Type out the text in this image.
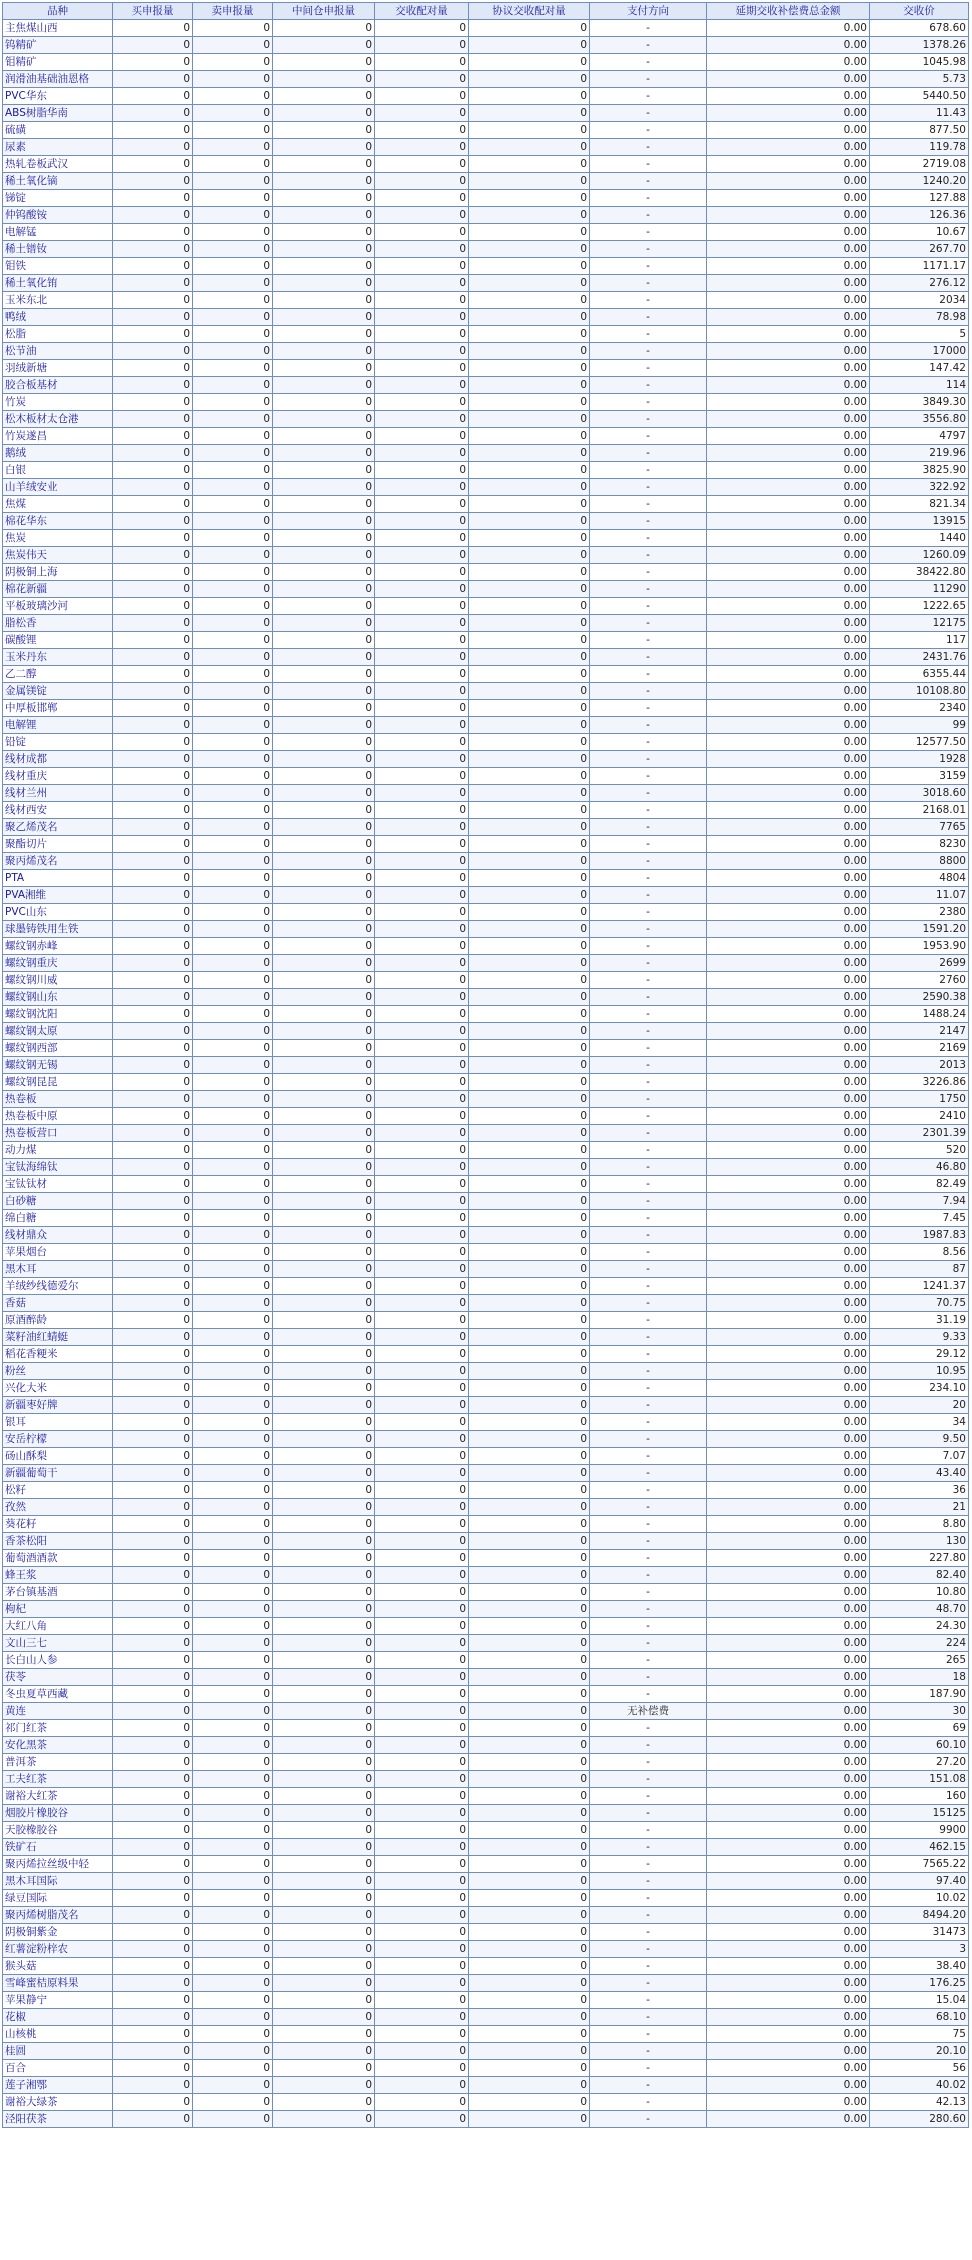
品种	买申报量	卖申报量	中间仓申报量	交收配对量	协议交收配对量	支付方向	延期交收补偿费总金额	交收价
主焦煤山西	0	0	0	0	0	-	0.00	678.60
钨精矿	0	0	0	0	0	-	0.00	1378.26
钼精矿	0	0	0	0	0	-	0.00	1045.98
润滑油基础油恩格	0	0	0	0	0	-	0.00	5.73
PVC华东	0	0	0	0	0	-	0.00	5440.50
ABS树脂华南	0	0	0	0	0	-	0.00	11.43
硫磺	0	0	0	0	0	-	0.00	877.50
尿素	0	0	0	0	0	-	0.00	119.78
热轧卷板武汉	0	0	0	0	0	-	0.00	2719.08
稀土氧化镝	0	0	0	0	0	-	0.00	1240.20
锑锭	0	0	0	0	0	-	0.00	127.88
仲钨酸铵	0	0	0	0	0	-	0.00	126.36
电解锰	0	0	0	0	0	-	0.00	10.67
稀土镨钕	0	0	0	0	0	-	0.00	267.70
钼铁	0	0	0	0	0	-	0.00	1171.17
稀土氧化铕	0	0	0	0	0	-	0.00	276.12
玉米东北	0	0	0	0	0	-	0.00	2034
鸭绒	0	0	0	0	0	-	0.00	78.98
松脂	0	0	0	0	0	-	0.00	5
松节油	0	0	0	0	0	-	0.00	17000
羽绒新塘	0	0	0	0	0	-	0.00	147.42
胶合板基材	0	0	0	0	0	-	0.00	114
竹炭	0	0	0	0	0	-	0.00	3849.30
松木板材太仓港	0	0	0	0	0	-	0.00	3556.80
竹炭遂昌	0	0	0	0	0	-	0.00	4797
鹅绒	0	0	0	0	0	-	0.00	219.96
白银	0	0	0	0	0	-	0.00	3825.90
山羊绒安业	0	0	0	0	0	-	0.00	322.92
焦煤	0	0	0	0	0	-	0.00	821.34
棉花华东	0	0	0	0	0	-	0.00	13915
焦炭	0	0	0	0	0	-	0.00	1440
焦炭伟天	0	0	0	0	0	-	0.00	1260.09
阴极铜上海	0	0	0	0	0	-	0.00	38422.80
棉花新疆	0	0	0	0	0	-	0.00	11290
平板玻璃沙河	0	0	0	0	0	-	0.00	1222.65
脂松香	0	0	0	0	0	-	0.00	12175
碳酸锂	0	0	0	0	0	-	0.00	117
玉米丹东	0	0	0	0	0	-	0.00	2431.76
乙二醇	0	0	0	0	0	-	0.00	6355.44
金属镁锭	0	0	0	0	0	-	0.00	10108.80
中厚板邯郸	0	0	0	0	0	-	0.00	2340
电解锂	0	0	0	0	0	-	0.00	99
铅锭	0	0	0	0	0	-	0.00	12577.50
线材成都	0	0	0	0	0	-	0.00	1928
线材重庆	0	0	0	0	0	-	0.00	3159
线材兰州	0	0	0	0	0	-	0.00	3018.60
线材西安	0	0	0	0	0	-	0.00	2168.01
聚乙烯茂名	0	0	0	0	0	-	0.00	7765
聚酯切片	0	0	0	0	0	-	0.00	8230
聚丙烯茂名	0	0	0	0	0	-	0.00	8800
PTA	0	0	0	0	0	-	0.00	4804
PVA湘维	0	0	0	0	0	-	0.00	11.07
PVC山东	0	0	0	0	0	-	0.00	2380
球墨铸铁用生铁	0	0	0	0	0	-	0.00	1591.20
螺纹钢赤峰	0	0	0	0	0	-	0.00	1953.90
螺纹钢重庆	0	0	0	0	0	-	0.00	2699
螺纹钢川威	0	0	0	0	0	-	0.00	2760
螺纹钢山东	0	0	0	0	0	-	0.00	2590.38
螺纹钢沈阳	0	0	0	0	0	-	0.00	1488.24
螺纹钢太原	0	0	0	0	0	-	0.00	2147
螺纹钢西部	0	0	0	0	0	-	0.00	2169
螺纹钢无锡	0	0	0	0	0	-	0.00	2013
螺纹钢昆昆	0	0	0	0	0	-	0.00	3226.86
热卷板	0	0	0	0	0	-	0.00	1750
热卷板中原	0	0	0	0	0	-	0.00	2410
热卷板营口	0	0	0	0	0	-	0.00	2301.39
动力煤	0	0	0	0	0	-	0.00	520
宝钛海绵钛	0	0	0	0	0	-	0.00	46.80
宝钛钛材	0	0	0	0	0	-	0.00	82.49
白砂糖	0	0	0	0	0	-	0.00	7.94
绵白糖	0	0	0	0	0	-	0.00	7.45
线材鼎众	0	0	0	0	0	-	0.00	1987.83
苹果烟台	0	0	0	0	0	-	0.00	8.56
黑木耳	0	0	0	0	0	-	0.00	87
羊绒纱线德爱尔	0	0	0	0	0	-	0.00	1241.37
香菇	0	0	0	0	0	-	0.00	70.75
原酒醉龄	0	0	0	0	0	-	0.00	31.19
菜籽油红蜻蜓	0	0	0	0	0	-	0.00	9.33
稻花香粳米	0	0	0	0	0	-	0.00	29.12
粉丝	0	0	0	0	0	-	0.00	10.95
兴化大米	0	0	0	0	0	-	0.00	234.10
新疆枣好牌	0	0	0	0	0	-	0.00	20
银耳	0	0	0	0	0	-	0.00	34
安岳柠檬	0	0	0	0	0	-	0.00	9.50
砀山酥梨	0	0	0	0	0	-	0.00	7.07
新疆葡萄干	0	0	0	0	0	-	0.00	43.40
松籽	0	0	0	0	0	-	0.00	36
孜然	0	0	0	0	0	-	0.00	21
葵花籽	0	0	0	0	0	-	0.00	8.80
香茶松阳	0	0	0	0	0	-	0.00	130
葡萄酒酒款	0	0	0	0	0	-	0.00	227.80
蜂王浆	0	0	0	0	0	-	0.00	82.40
茅台镇基酒	0	0	0	0	0	-	0.00	10.80
枸杞	0	0	0	0	0	-	0.00	48.70
大红八角	0	0	0	0	0	-	0.00	24.30
文山三七	0	0	0	0	0	-	0.00	224
长白山人参	0	0	0	0	0	-	0.00	265
茯苓	0	0	0	0	0	-	0.00	18
冬虫夏草西藏	0	0	0	0	0	-	0.00	187.90
黄连	0	0	0	0	0	无补偿费	0.00	30
祁门红茶	0	0	0	0	0	-	0.00	69
安化黑茶	0	0	0	0	0	-	0.00	60.10
普洱茶	0	0	0	0	0	-	0.00	27.20
工夫红茶	0	0	0	0	0	-	0.00	151.08
谢裕大红茶	0	0	0	0	0	-	0.00	160
烟胶片橡胶谷	0	0	0	0	0	-	0.00	15125
天胶橡胶谷	0	0	0	0	0	-	0.00	9900
铁矿石	0	0	0	0	0	-	0.00	462.15
聚丙烯拉丝级中轻	0	0	0	0	0	-	0.00	7565.22
黑木耳国际	0	0	0	0	0	-	0.00	97.40
绿豆国际	0	0	0	0	0	-	0.00	10.02
聚丙烯树脂茂名	0	0	0	0	0	-	0.00	8494.20
阴极铜紫金	0	0	0	0	0	-	0.00	31473
红薯淀粉梓农	0	0	0	0	0	-	0.00	3
猴头菇	0	0	0	0	0	-	0.00	38.40
雪峰蜜桔原料果	0	0	0	0	0	-	0.00	176.25
苹果静宁	0	0	0	0	0	-	0.00	15.04
花椒	0	0	0	0	0	-	0.00	68.10
山核桃	0	0	0	0	0	-	0.00	75
桂圆	0	0	0	0	0	-	0.00	20.10
百合	0	0	0	0	0	-	0.00	56
莲子湘鄂	0	0	0	0	0	-	0.00	40.02
谢裕大绿茶	0	0	0	0	0	-	0.00	42.13
泾阳茯茶	0	0	0	0	0	-	0.00	280.60
